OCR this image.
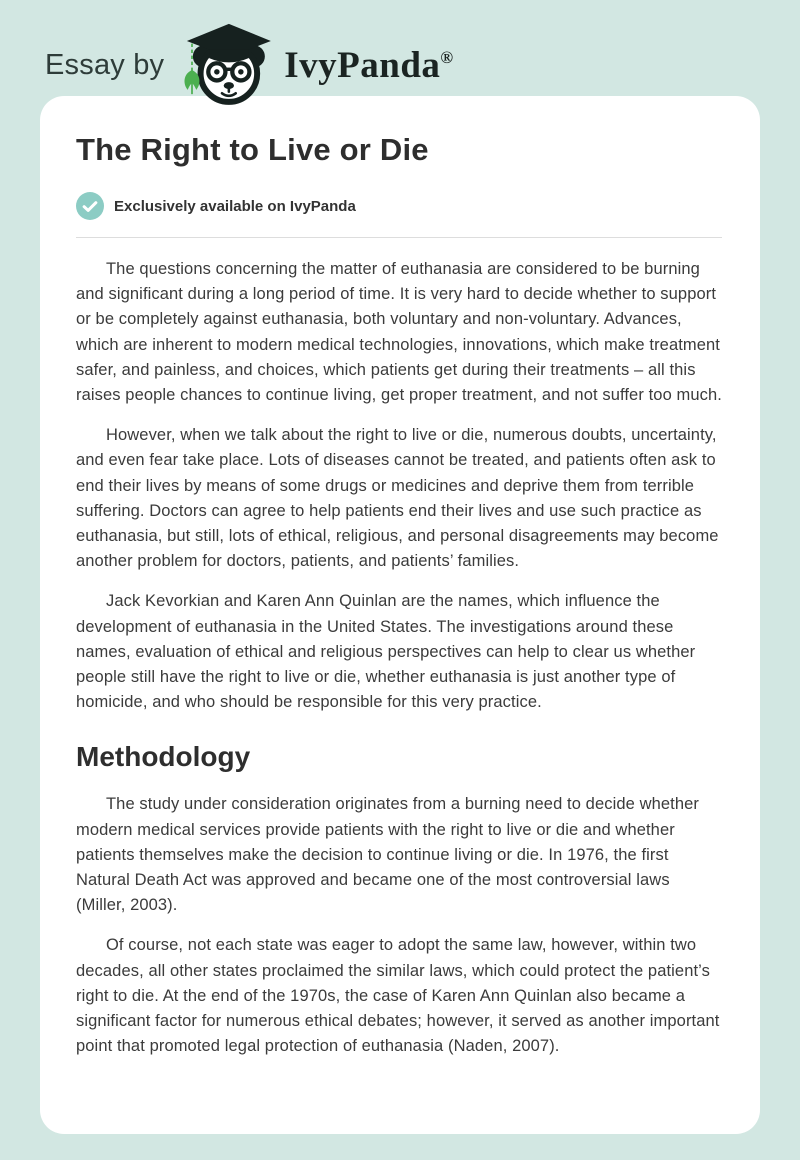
Essay by	IvyPanda®
The Right to Live or Die
Exclusively available on IvyPanda

The questions concerning the matter of euthanasia are considered to be burning and significant during a long period of time. It is very hard to decide whether to support or be completely against euthanasia, both voluntary and non-voluntary. Advances, which are inherent to modern medical technologies, innovations, which make treatment safer, and painless, and choices, which patients get during their treatments – all this raises people chances to continue living, get proper treatment, and not suffer too much.

However, when we talk about the right to live or die, numerous doubts, uncertainty, and even fear take place. Lots of diseases cannot be treated, and patients often ask to end their lives by means of some drugs or medicines and deprive them from terrible suffering. Doctors can agree to help patients end their lives and use such practice as euthanasia, but still, lots of ethical, religious, and personal disagreements may become another problem for doctors, patients, and patients’ families.

Jack Kevorkian and Karen Ann Quinlan are the names, which influence the development of euthanasia in the United States. The investigations around these names, evaluation of ethical and religious perspectives can help to clear us whether people still have the right to live or die, whether euthanasia is just another type of homicide, and who should be responsible for this very practice.

Methodology

The study under consideration originates from a burning need to decide whether modern medical services provide patients with the right to live or die and whether patients themselves make the decision to continue living or die. In 1976, the first Natural Death Act was approved and became one of the most controversial laws (Miller, 2003).

Of course, not each state was eager to adopt the same law, however, within two decades, all other states proclaimed the similar laws, which could protect the patient’s right to die. At the end of the 1970s, the case of Karen Ann Quinlan also became a significant factor for numerous ethical debates; however, it served as another important point that promoted legal protection of euthanasia (Naden, 2007).
